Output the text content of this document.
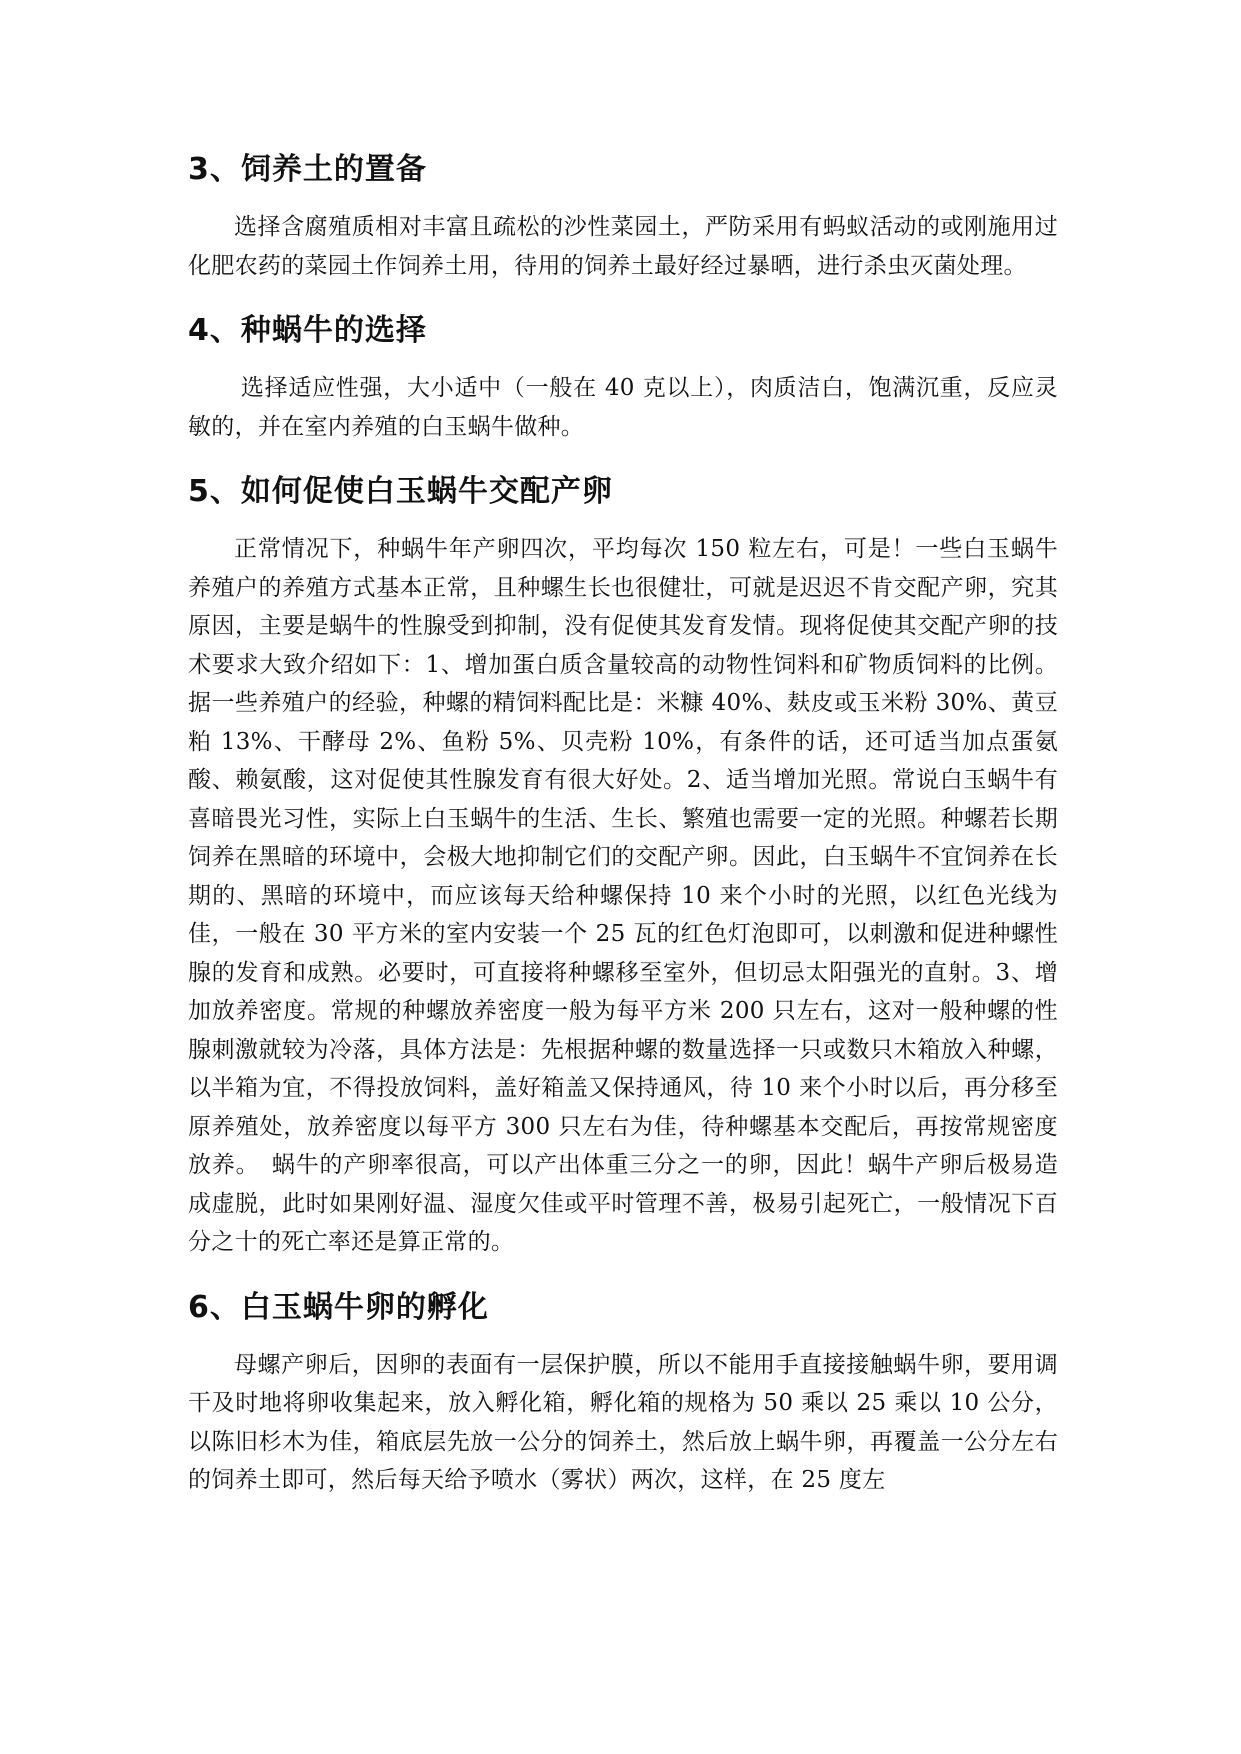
3、饲养土的置备

选择含腐殖质相对丰富且疏松的沙性菜园土，严防采用有蚂蚁活动的或刚施用过化肥农药的菜园土作饲养土用，待用的饲养土最好经过暴晒，进行杀虫灭菌处理。

4、种蜗牛的选择

选择适应性强，大小适中（一般在 40 克以上），肉质洁白，饱满沉重，反应灵敏的，并在室内养殖的白玉蜗牛做种。

5、如何促使白玉蜗牛交配产卵

正常情况下，种蜗牛年产卵四次，平均每次 150 粒左右，可是！一些白玉蜗牛养殖户的养殖方式基本正常，且种螺生长也很健壮，可就是迟迟不肯交配产卵，究其原因，主要是蜗牛的性腺受到抑制，没有促使其发育发情。现将促使其交配产卵的技术要求大致介绍如下：1、增加蛋白质含量较高的动物性饲料和矿物质饲料的比例。据一些养殖户的经验，种螺的精饲料配比是：米糠 40%、麸皮或玉米粉 30%、黄豆粕 13%、干酵母 2%、鱼粉 5%、贝壳粉 10%，有条件的话，还可适当加点蛋氨酸、赖氨酸，这对促使其性腺发育有很大好处。2、适当增加光照。常说白玉蜗牛有喜暗畏光习性，实际上白玉蜗牛的生活、生长、繁殖也需要一定的光照。种螺若长期饲养在黑暗的环境中，会极大地抑制它们的交配产卵。因此，白玉蜗牛不宜饲养在长期的、黑暗的环境中，而应该每天给种螺保持 10 来个小时的光照，以红色光线为佳，一般在 30 平方米的室内安装一个 25 瓦的红色灯泡即可，以刺激和促进种螺性腺的发育和成熟。必要时，可直接将种螺移至室外，但切忌太阳强光的直射。3、增加放养密度。常规的种螺放养密度一般为每平方米 200 只左右，这对一般种螺的性腺刺激就较为冷落，具体方法是：先根据种螺的数量选择一只或数只木箱放入种螺，以半箱为宜，不得投放饲料，盖好箱盖又保持通风，待 10 来个小时以后，再分移至原养殖处，放养密度以每平方 300 只左右为佳，待种螺基本交配后，再按常规密度放养。　蜗牛的产卵率很高，可以产出体重三分之一的卵，因此！蜗牛产卵后极易造成虚脱，此时如果刚好温、湿度欠佳或平时管理不善，极易引起死亡，一般情况下百分之十的死亡率还是算正常的。

6、白玉蜗牛卵的孵化

母螺产卵后，因卵的表面有一层保护膜，所以不能用手直接接触蜗牛卵，要用调干及时地将卵收集起来，放入孵化箱，孵化箱的规格为 50 乘以 25 乘以 10 公分，以陈旧杉木为佳，箱底层先放一公分的饲养土，然后放上蜗牛卵，再覆盖一公分左右的饲养土即可，然后每天给予喷水（雾状）两次，这样，在 25 度左
